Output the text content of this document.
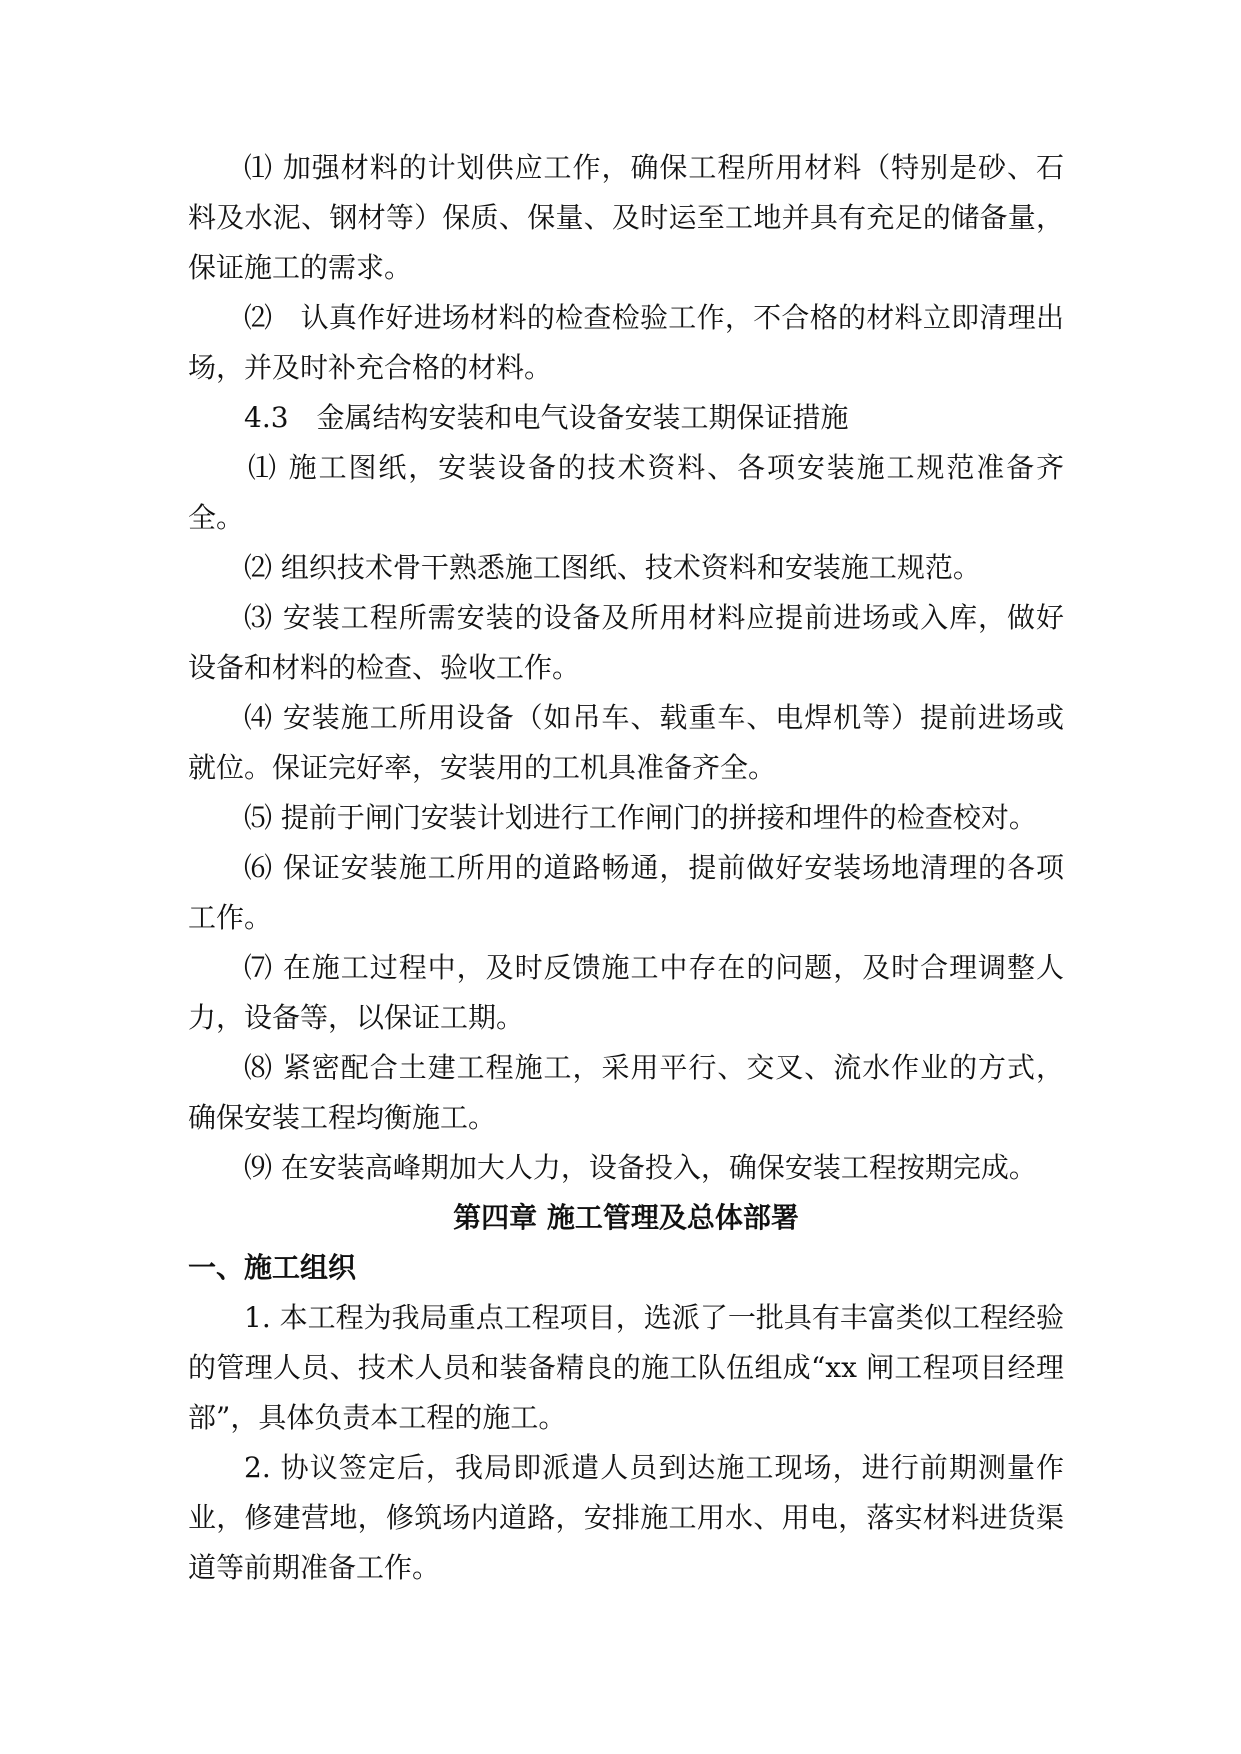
⑴ 加强材料的计划供应工作，确保工程所用材料（特别是砂、石料及水泥、钢材等）保质、保量、及时运至工地并具有充足的储备量，保证施工的需求。

⑵　认真作好进场材料的检查检验工作，不合格的材料立即清理出场，并及时补充合格的材料。

4.3　金属结构安装和电气设备安装工期保证措施

⑴ 施工图纸，安装设备的技术资料、各项安装施工规范准备齐全。

⑵ 组织技术骨干熟悉施工图纸、技术资料和安装施工规范。

⑶ 安装工程所需安装的设备及所用材料应提前进场或入库，做好设备和材料的检查、验收工作。

⑷ 安装施工所用设备（如吊车、载重车、电焊机等）提前进场或就位。保证完好率，安装用的工机具准备齐全。

⑸ 提前于闸门安装计划进行工作闸门的拼接和埋件的检查校对。

⑹ 保证安装施工所用的道路畅通，提前做好安装场地清理的各项工作。

⑺ 在施工过程中，及时反馈施工中存在的问题，及时合理调整人力，设备等，以保证工期。

⑻ 紧密配合土建工程施工，采用平行、交叉、流水作业的方式，确保安装工程均衡施工。

⑼ 在安装高峰期加大人力，设备投入，确保安装工程按期完成。

第四章 施工管理及总体部署

一、施工组织

1. 本工程为我局重点工程项目，选派了一批具有丰富类似工程经验的管理人员、技术人员和装备精良的施工队伍组成“xx 闸工程项目经理部”，具体负责本工程的施工。

2. 协议签定后，我局即派遣人员到达施工现场，进行前期测量作业，修建营地，修筑场内道路，安排施工用水、用电，落实材料进货渠道等前期准备工作。
